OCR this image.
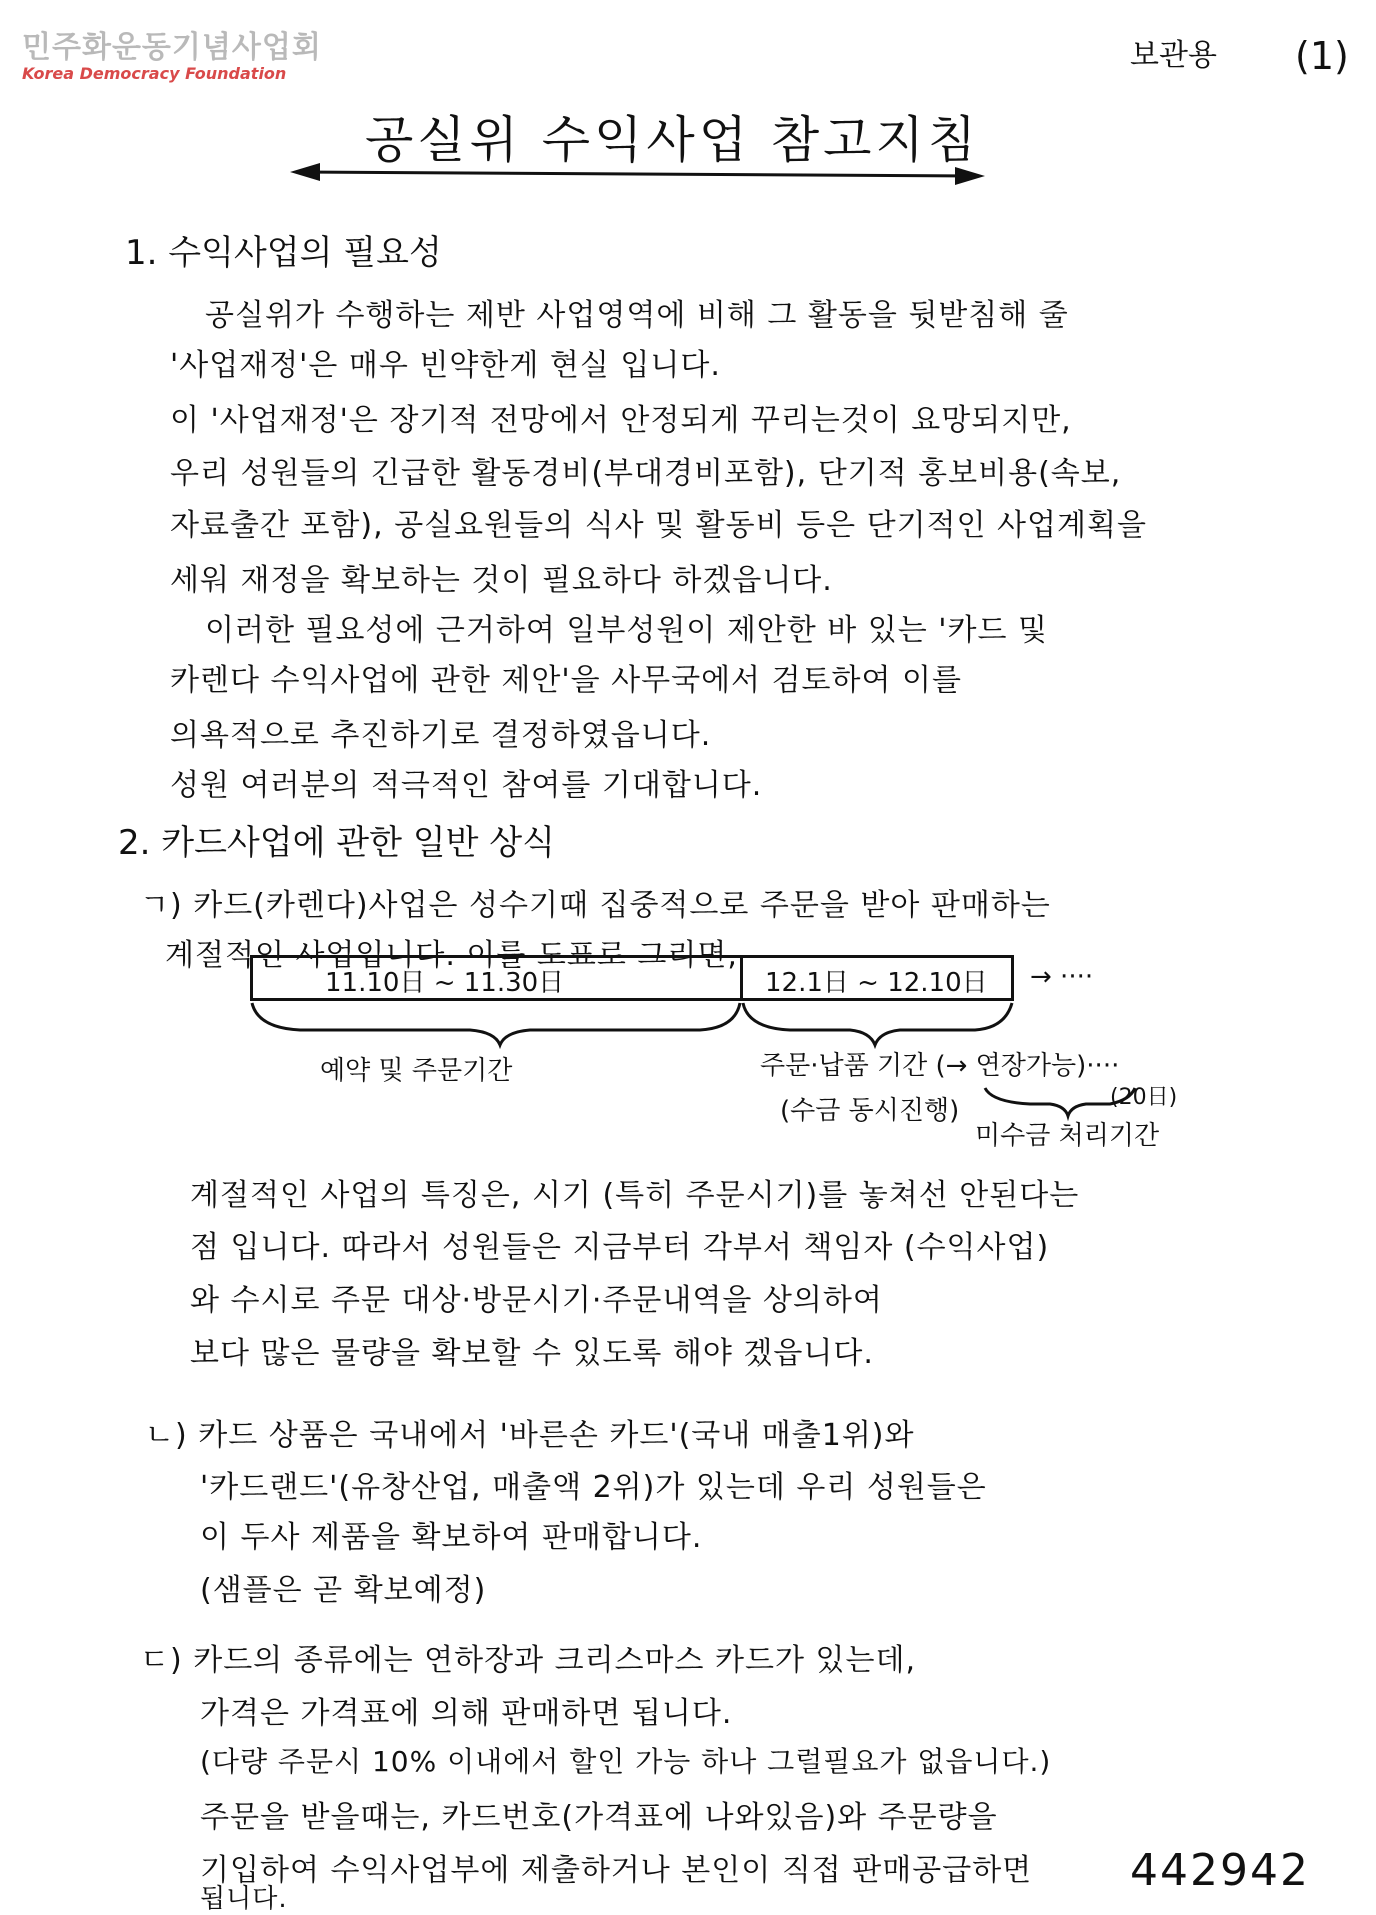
민주화운동기념사업회
Korea Democracy Foundation
보관용 (1)
공실위 수익사업 참고지침
1. 수익사업의 필요성
공실위가 수행하는 제반 사업영역에 비해 그 활동을 뒷받침해 줄
'사업재정'은 매우 빈약한게 현실 입니다.
이 '사업재정'은 장기적 전망에서 안정되게 꾸리는것이 요망되지만,
우리 성원들의 긴급한 활동경비(부대경비포함), 단기적 홍보비용(속보,
자료출간 포함), 공실요원들의 식사 및 활동비 등은 단기적인 사업계획을
세워 재정을 확보하는 것이 필요하다 하겠읍니다.
이러한 필요성에 근거하여 일부성원이 제안한 바 있는 '카드 및
카렌다 수익사업에 관한 제안'을 사무국에서 검토하여 이를
의욕적으로 추진하기로 결정하였읍니다.
성원 여러분의 적극적인 참여를 기대합니다.
2. 카드사업에 관한 일반 상식
ㄱ) 카드(카렌다)사업은 성수기때 집중적으로 주문을 받아 판매하는
계절적인 사업입니다. 이를 도표로 그리면,
11.10日 ~ 11.30日	12.1日 ~ 12.10日 → ····
예약 및 주문기간	주문·납품 기간 (→ 연장가능)····
(수금 동시진행)	(20日)
미수금 처리기간
계절적인 사업의 특징은, 시기 (특히 주문시기)를 놓쳐선 안된다는
점 입니다. 따라서 성원들은 지금부터 각부서 책임자 (수익사업)
와 수시로 주문 대상·방문시기·주문내역을 상의하여
보다 많은 물량을 확보할 수 있도록 해야 겠읍니다.
ㄴ) 카드 상품은 국내에서 '바른손 카드'(국내 매출1위)와
'카드랜드'(유창산업, 매출액 2위)가 있는데 우리 성원들은
이 두사 제품을 확보하여 판매합니다.
(샘플은 곧 확보예정)
ㄷ) 카드의 종류에는 연하장과 크리스마스 카드가 있는데,
가격은 가격표에 의해 판매하면 됩니다.
(다량 주문시 10% 이내에서 할인 가능 하나 그럴필요가 없읍니다.)
주문을 받을때는, 카드번호(가격표에 나와있음)와 주문량을
기입하여 수익사업부에 제출하거나 본인이 직접 판매공급하면
됩니다.
442942
